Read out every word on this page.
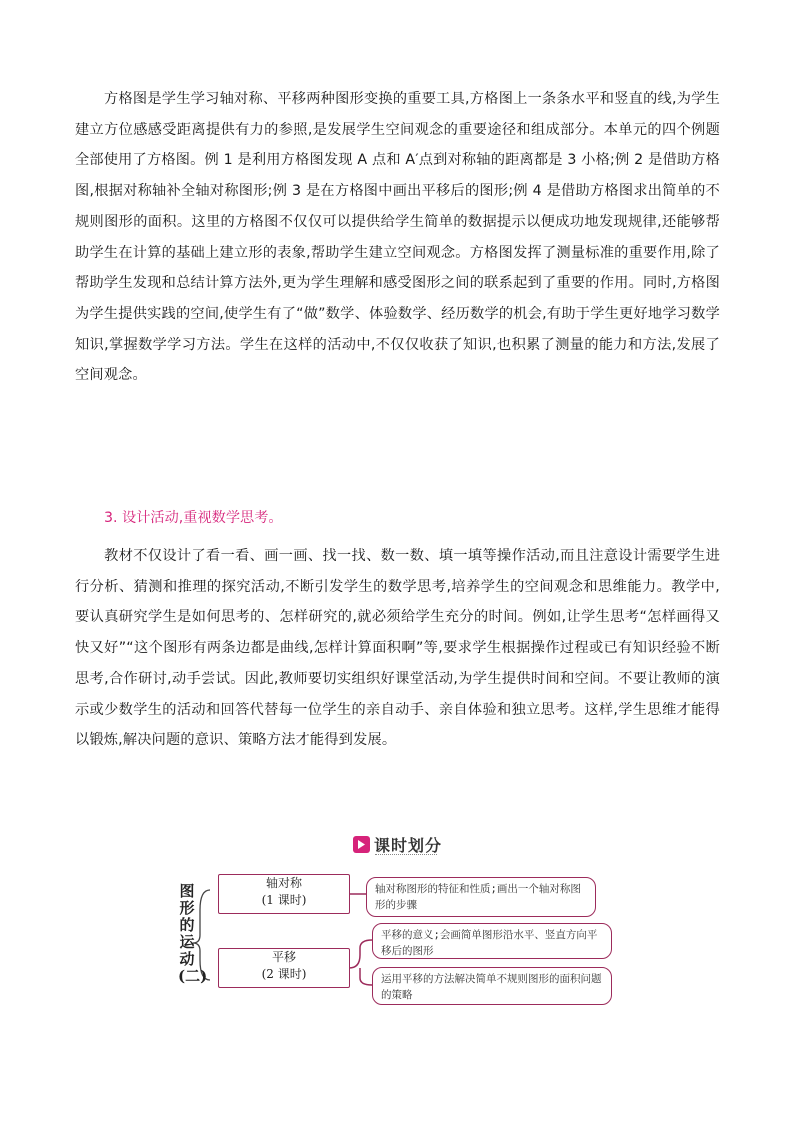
方格图是学生学习轴对称、平移两种图形变换的重要工具,方格图上一条条水平和竖直的线,为学生建立方位感感受距离提供有力的参照,是发展学生空间观念的重要途径和组成部分。本单元的四个例题全部使用了方格图。例 1 是利用方格图发现 A 点和 A′点到对称轴的距离都是 3 小格;例 2 是借助方格图,根据对称轴补全轴对称图形;例 3 是在方格图中画出平移后的图形;例 4 是借助方格图求出简单的不规则图形的面积。这里的方格图不仅仅可以提供给学生简单的数据提示以便成功地发现规律,还能够帮助学生在计算的基础上建立形的表象,帮助学生建立空间观念。方格图发挥了测量标准的重要作用,除了帮助学生发现和总结计算方法外,更为学生理解和感受图形之间的联系起到了重要的作用。同时,方格图为学生提供实践的空间,使学生有了“做”数学、体验数学、经历数学的机会,有助于学生更好地学习数学知识,掌握数学学习方法。学生在这样的活动中,不仅仅收获了知识,也积累了测量的能力和方法,发展了空间观念。

3. 设计活动,重视数学思考。

教材不仅设计了看一看、画一画、找一找、数一数、填一填等操作活动,而且注意设计需要学生进行分析、猜测和推理的探究活动,不断引发学生的数学思考,培养学生的空间观念和思维能力。教学中,要认真研究学生是如何思考的、怎样研究的,就必须给学生充分的时间。例如,让学生思考“怎样画得又快又好”“这个图形有两条边都是曲线,怎样计算面积啊”等,要求学生根据操作过程或已有知识经验不断思考,合作研讨,动手尝试。因此,教师要切实组织好课堂活动,为学生提供时间和空间。不要让教师的演示或少数学生的活动和回答代替每一位学生的亲自动手、亲自体验和独立思考。这样,学生思维才能得以锻炼,解决问题的意识、策略方法才能得到发展。

课时划分
图形的运动(二)
轴对称
(1 课时)
轴对称图形的特征和性质;画出一个轴对称图形的步骤
平移
(2 课时)
平移的意义;会画简单图形沿水平、竖直方向平移后的图形
运用平移的方法解决简单不规则图形的面积问题的策略
